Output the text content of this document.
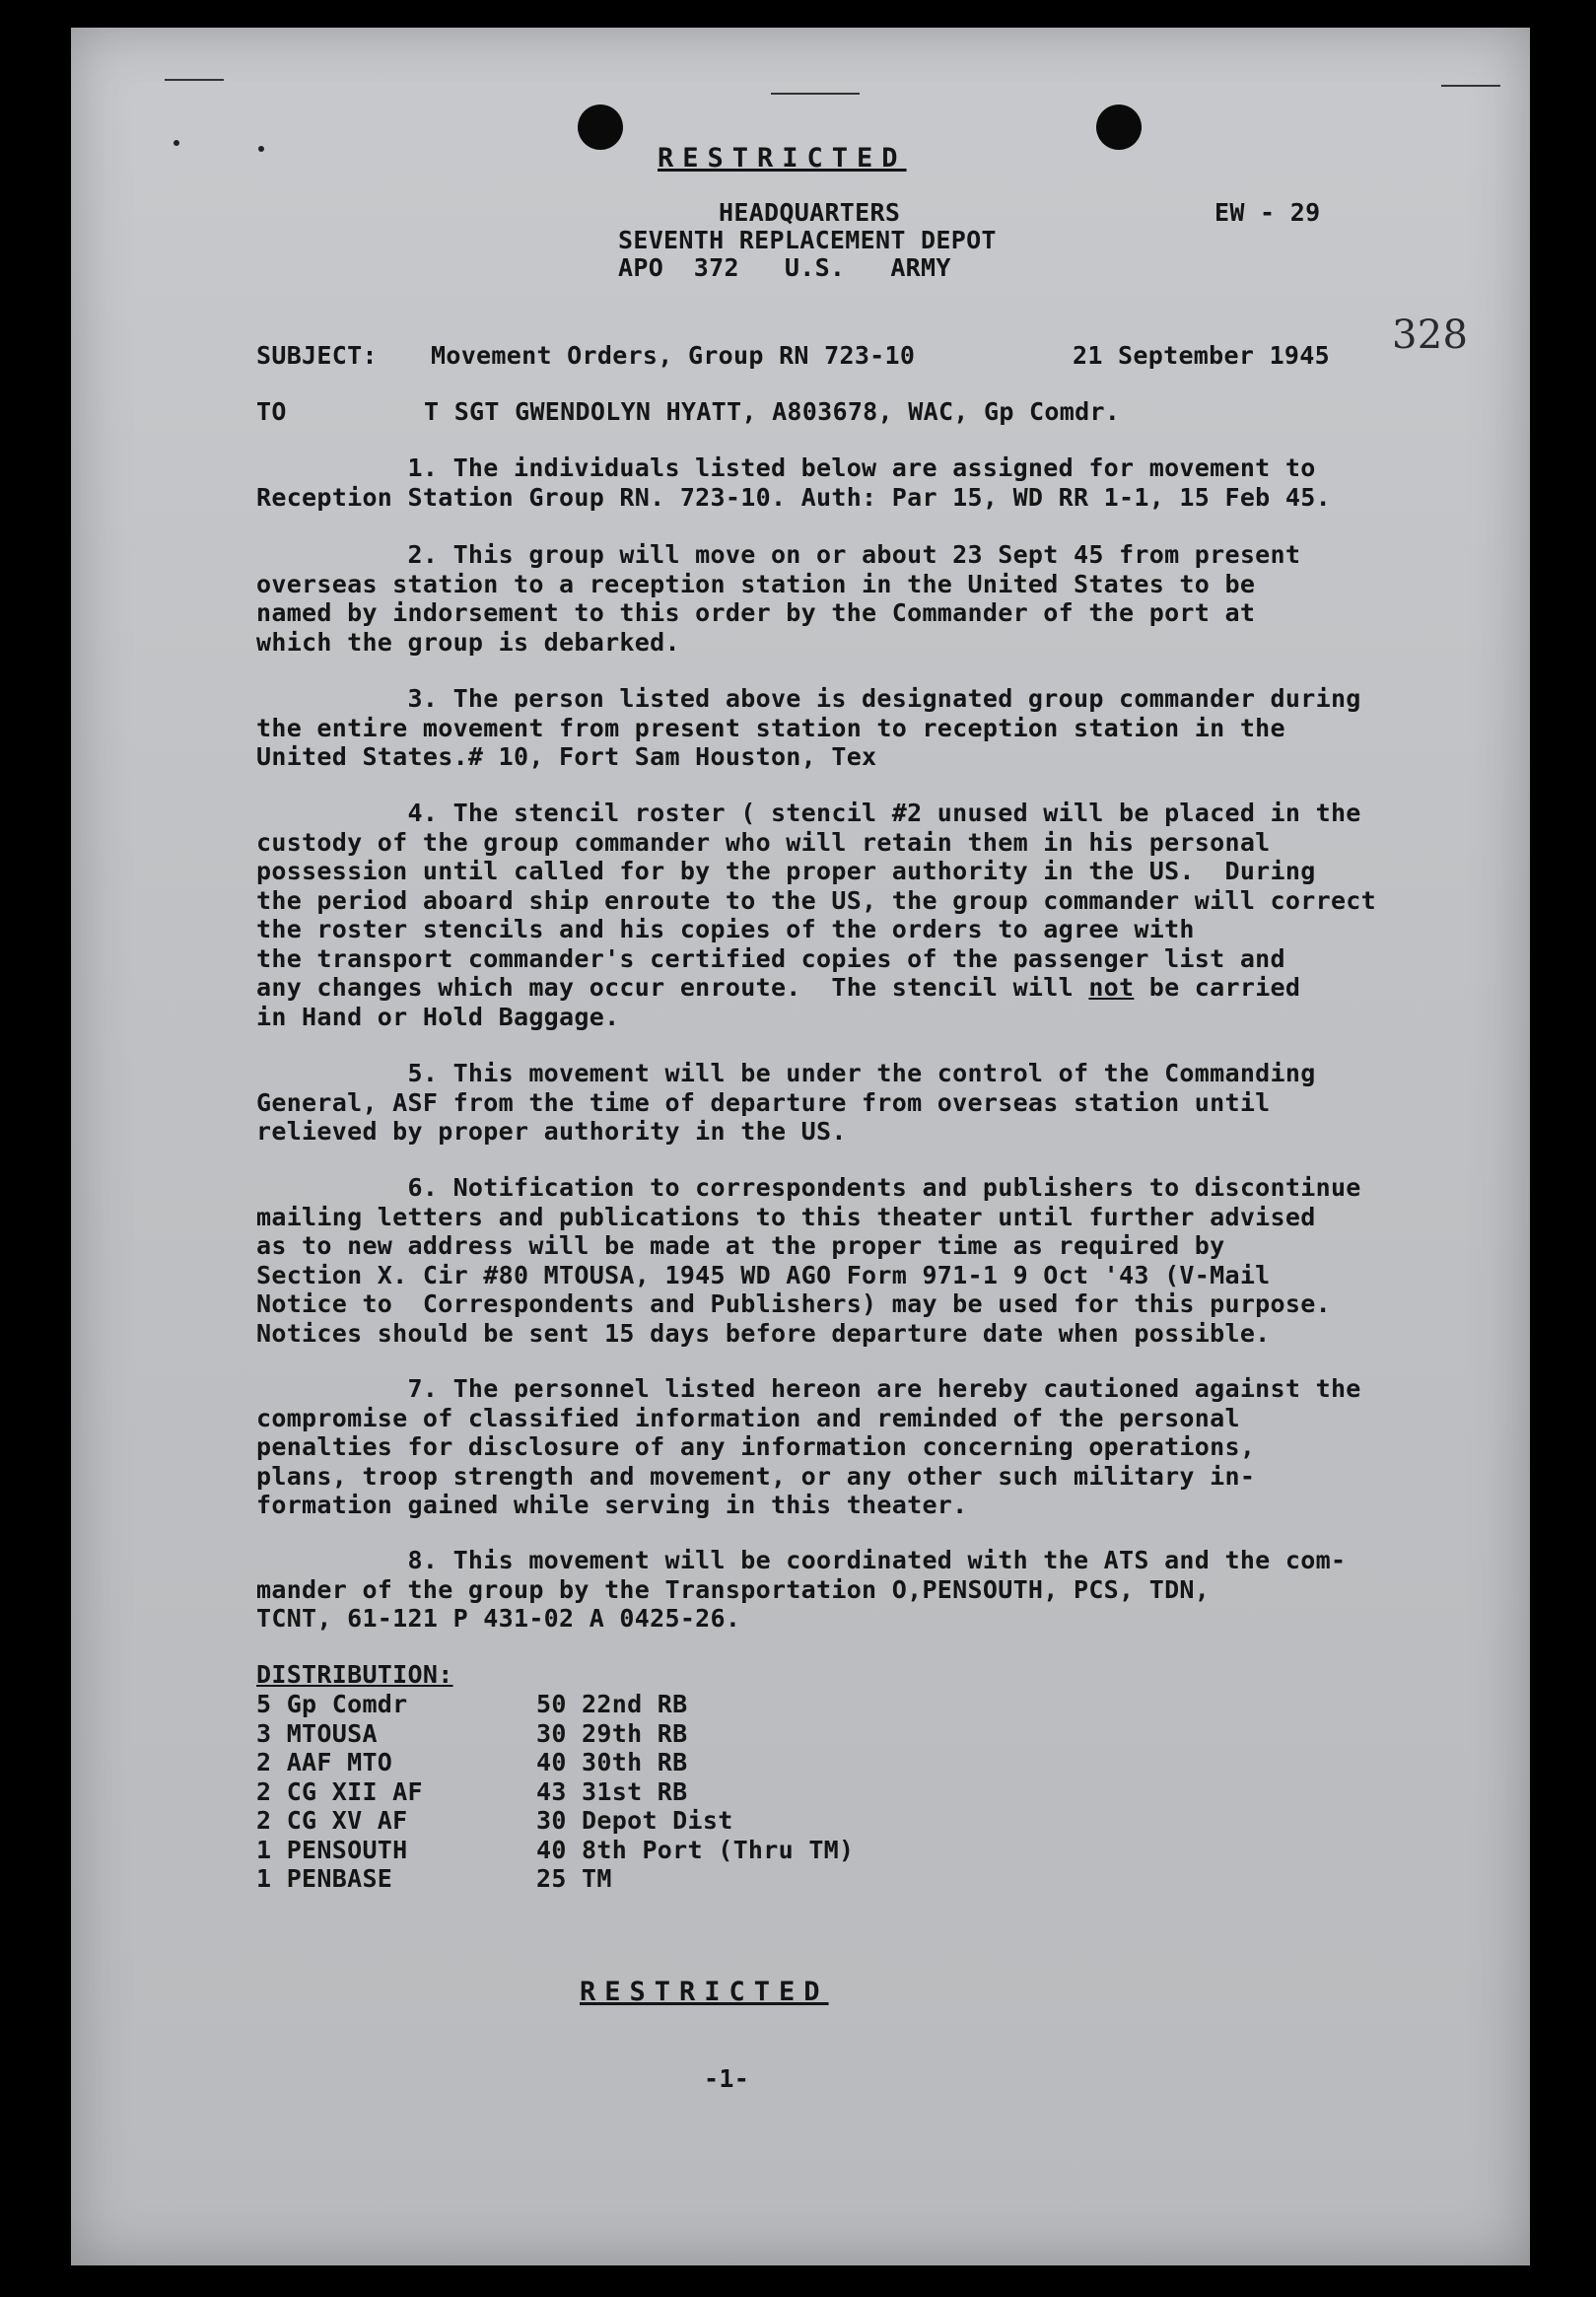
RESTRICTED
HEADQUARTERS
SEVENTH REPLACEMENT DEPOT
APO  372   U.S.   ARMY
EW - 29
SUBJECT: Movement Orders, Group RN 723-10	21 September 1945 328
TO	T SGT GWENDOLYN HYATT, A803678, WAC, Gp Comdr.
1. The individuals listed below are assigned for movement to
Reception Station Group RN. 723-10. Auth: Par 15, WD RR 1-1, 15 Feb 45.
2. This group will move on or about 23 Sept 45 from present
overseas station to a reception station in the United States to be
named by indorsement to this order by the Commander of the port at
which the group is debarked.
3. The person listed above is designated group commander during
the entire movement from present station to reception station in the
United States.# 10, Fort Sam Houston, Tex
4. The stencil roster ( stencil #2 unused will be placed in the
custody of the group commander who will retain them in his personal
possession until called for by the proper authority in the US.  During
the period aboard ship enroute to the US, the group commander will correct
the roster stencils and his copies of the orders to agree with
the transport commander's certified copies of the passenger list and
any changes which may occur enroute.  The stencil will not be carried
in Hand or Hold Baggage.
5. This movement will be under the control of the Commanding
General, ASF from the time of departure from overseas station until
relieved by proper authority in the US.
6. Notification to correspondents and publishers to discontinue
mailing letters and publications to this theater until further advised
as to new address will be made at the proper time as required by
Section X. Cir #80 MTOUSA, 1945 WD AGO Form 971-1 9 Oct '43 (V-Mail
Notice to  Correspondents and Publishers) may be used for this purpose.
Notices should be sent 15 days before departure date when possible.
7. The personnel listed hereon are hereby cautioned against the
compromise of classified information and reminded of the personal
penalties for disclosure of any information concerning operations,
plans, troop strength and movement, or any other such military in-
formation gained while serving in this theater.
8. This movement will be coordinated with the ATS and the com-
mander of the group by the Transportation O,PENSOUTH, PCS, TDN,
TCNT, 61-121 P 431-02 A 0425-26.
DISTRIBUTION:
5 Gp Comdr
3 MTOUSA
2 AAF MTO
2 CG XII AF
2 CG XV AF
1 PENSOUTH
1 PENBASE
50 22nd RB
30 29th RB
40 30th RB
43 31st RB
30 Depot Dist
40 8th Port (Thru TM)
25 TM
RESTRICTED
-1-
